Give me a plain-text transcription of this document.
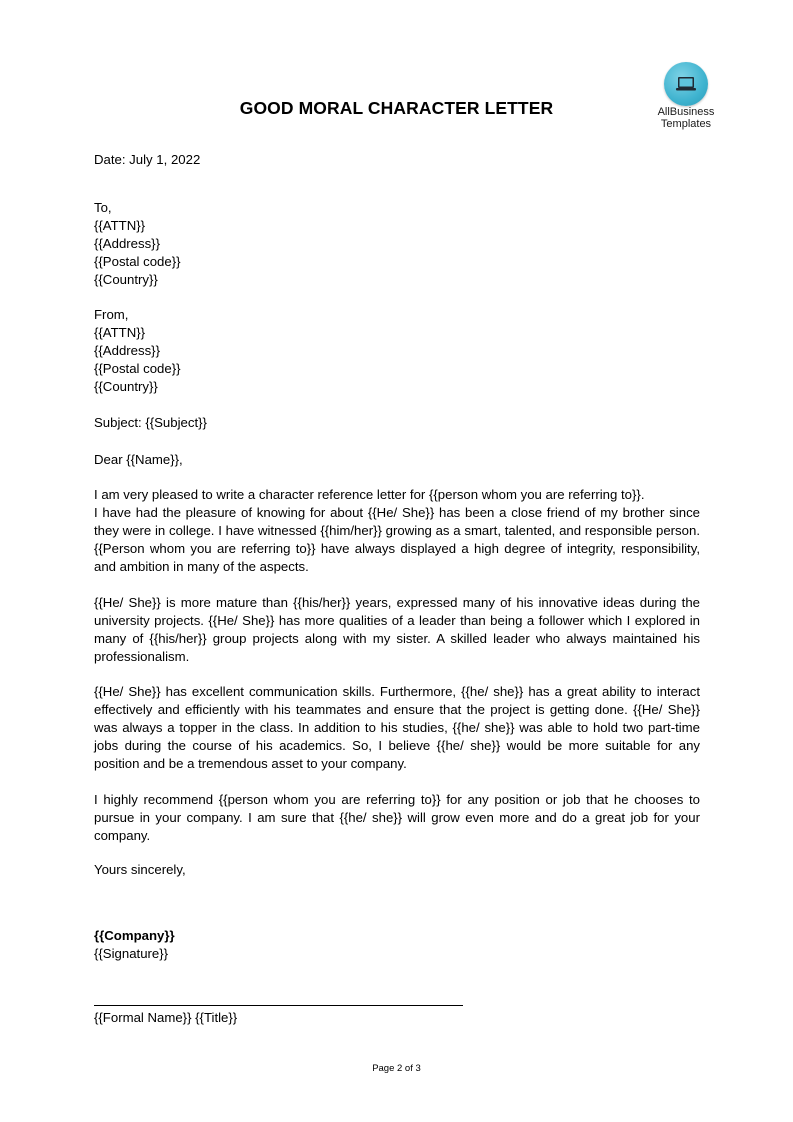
AllBusiness
Templates
GOOD MORAL CHARACTER LETTER
Date: July 1, 2022
To,
{{ATTN}}
{{Address}}
{{Postal code}}
{{Country}}
From,
{{ATTN}}
{{Address}}
{{Postal code}}
{{Country}}
Subject: {{Subject}}
Dear {{Name}},
I am very pleased to write a character reference letter for {{person whom you are referring to}}.
I have had the pleasure of knowing for about {{He/ She}} has been a close friend of my brother since they were in college. I have witnessed {{him/her}} growing as a smart, talented, and responsible person. {{Person whom you are referring to}} have always displayed a high degree of integrity, responsibility, and ambition in many of the aspects.
{{He/ She}} is more mature than {{his/her}} years, expressed many of his innovative ideas during the university projects. {{He/ She}} has more qualities of a leader than being a follower which I explored in many of {{his/her}} group projects along with my sister. A skilled leader who always maintained his professionalism.
{{He/ She}} has excellent communication skills. Furthermore, {{he/ she}} has a great ability to interact effectively and efficiently with his teammates and ensure that the project is getting done. {{He/ She}} was always a topper in the class. In addition to his studies, {{he/ she}} was able to hold two part-time jobs during the course of his academics. So, I believe {{he/ she}} would be more suitable for any position and be a tremendous asset to your company.
I highly recommend {{person whom you are referring to}} for any position or job that he chooses to pursue in your company. I am sure that {{he/ she}} will grow even more and do a great job for your company.
Yours sincerely,
{{Company}}
{{Signature}}
{{Formal Name}} {{Title}}
Page 2 of 3
